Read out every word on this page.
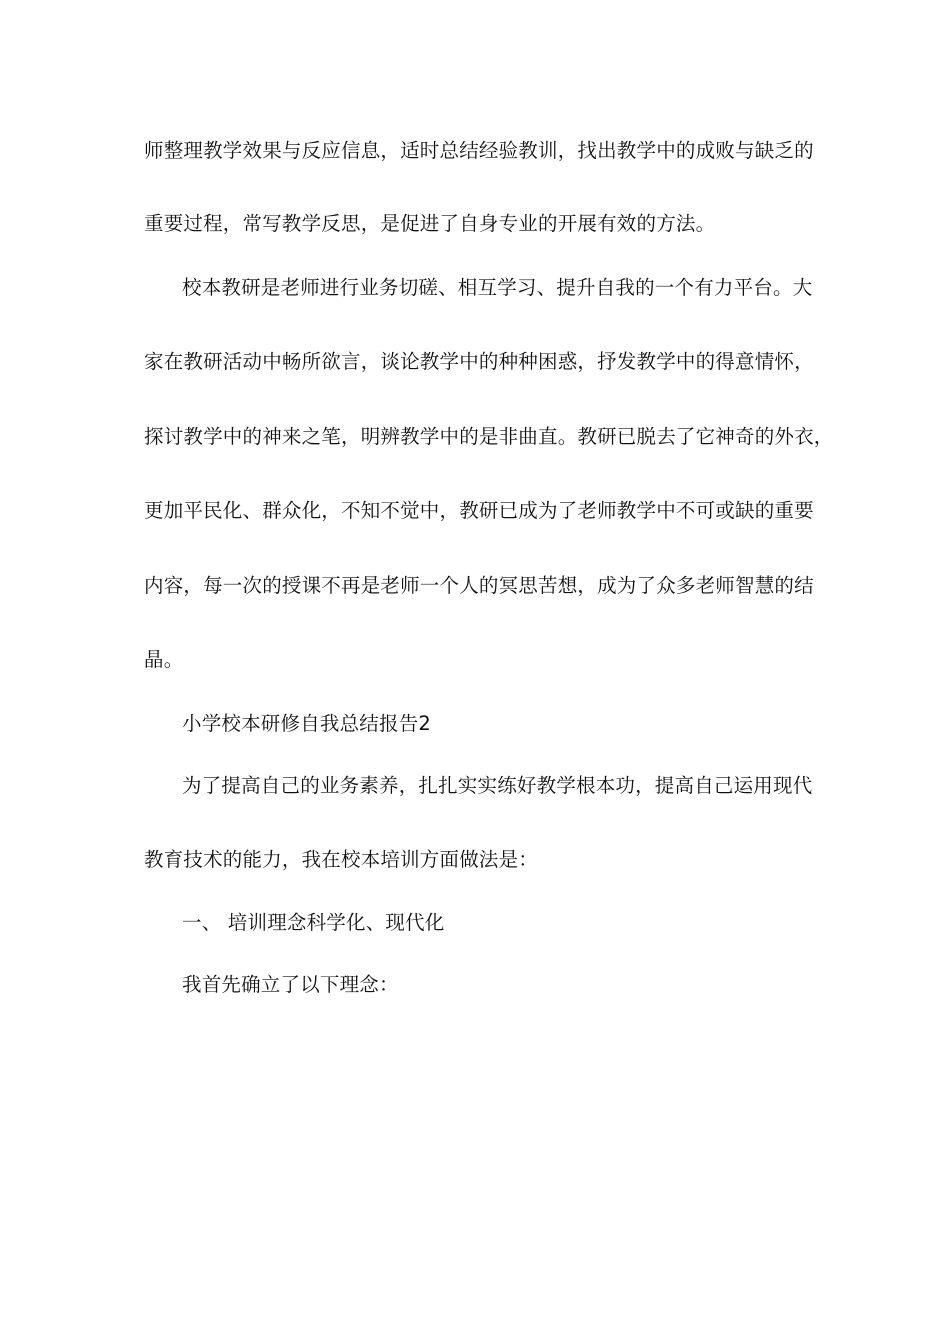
师整理教学效果与反应信息，适时总结经验教训，找出教学中的成败与缺乏的
重要过程，常写教学反思，是促进了自身专业的开展有效的方法。
校本教研是老师进行业务切磋、相互学习、提升自我的一个有力平台。大
家在教研活动中畅所欲言，谈论教学中的种种困惑，抒发教学中的得意情怀，
探讨教学中的神来之笔，明辨教学中的是非曲直。教研已脱去了它神奇的外衣，
更加平民化、群众化，不知不觉中，教研已成为了老师教学中不可或缺的重要
内容，每一次的授课不再是老师一个人的冥思苦想，成为了众多老师智慧的结
晶。
小学校本研修自我总结报告2
为了提高自己的业务素养，扎扎实实练好教学根本功，提高自己运用现代
教育技术的能力，我在校本培训方面做法是：
一、 培训理念科学化、现代化
我首先确立了以下理念：
